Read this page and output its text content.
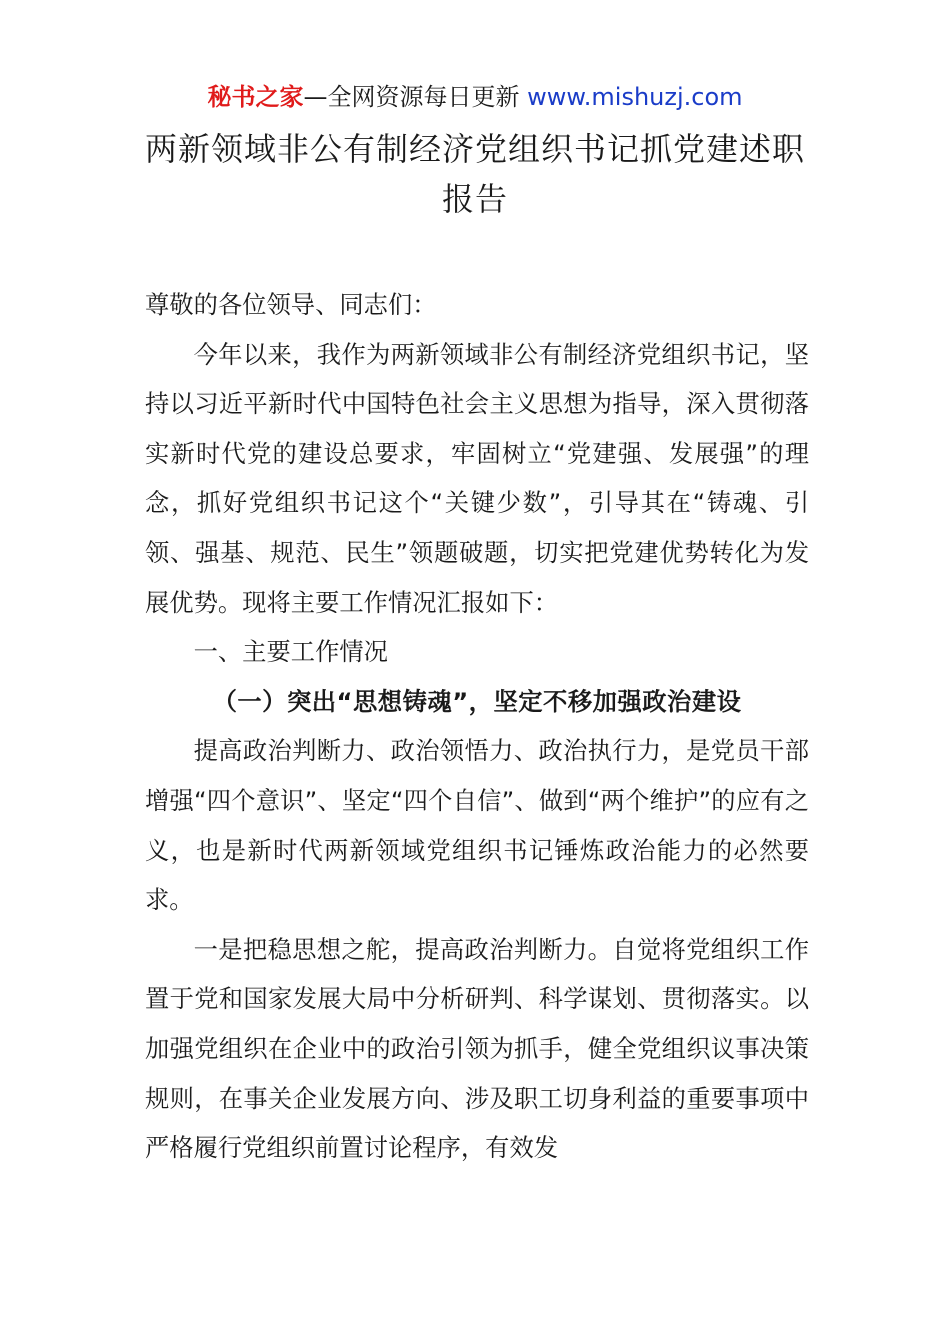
秘书之家—全网资源每日更新 www.mishuzj.com
两新领域非公有制经济党组织书记抓党建述职报告

尊敬的各位领导、同志们：

今年以来，我作为两新领域非公有制经济党组织书记，坚持以习近平新时代中国特色社会主义思想为指导，深入贯彻落实新时代党的建设总要求，牢固树立“党建强、发展强”的理念，抓好党组织书记这个“关键少数”，引导其在“铸魂、引领、强基、规范、民生”领题破题，切实把党建优势转化为发展优势。现将主要工作情况汇报如下：

一、主要工作情况

（一）突出“思想铸魂”，坚定不移加强政治建设

提高政治判断力、政治领悟力、政治执行力，是党员干部增强“四个意识”、坚定“四个自信”、做到“两个维护”的应有之义，也是新时代两新领域党组织书记锤炼政治能力的必然要求。

一是把稳思想之舵，提高政治判断力。自觉将党组织工作置于党和国家发展大局中分析研判、科学谋划、贯彻落实。以加强党组织在企业中的政治引领为抓手，健全党组织议事决策规则，在事关企业发展方向、涉及职工切身利益的重要事项中严格履行党组织前置讨论程序，有效发
